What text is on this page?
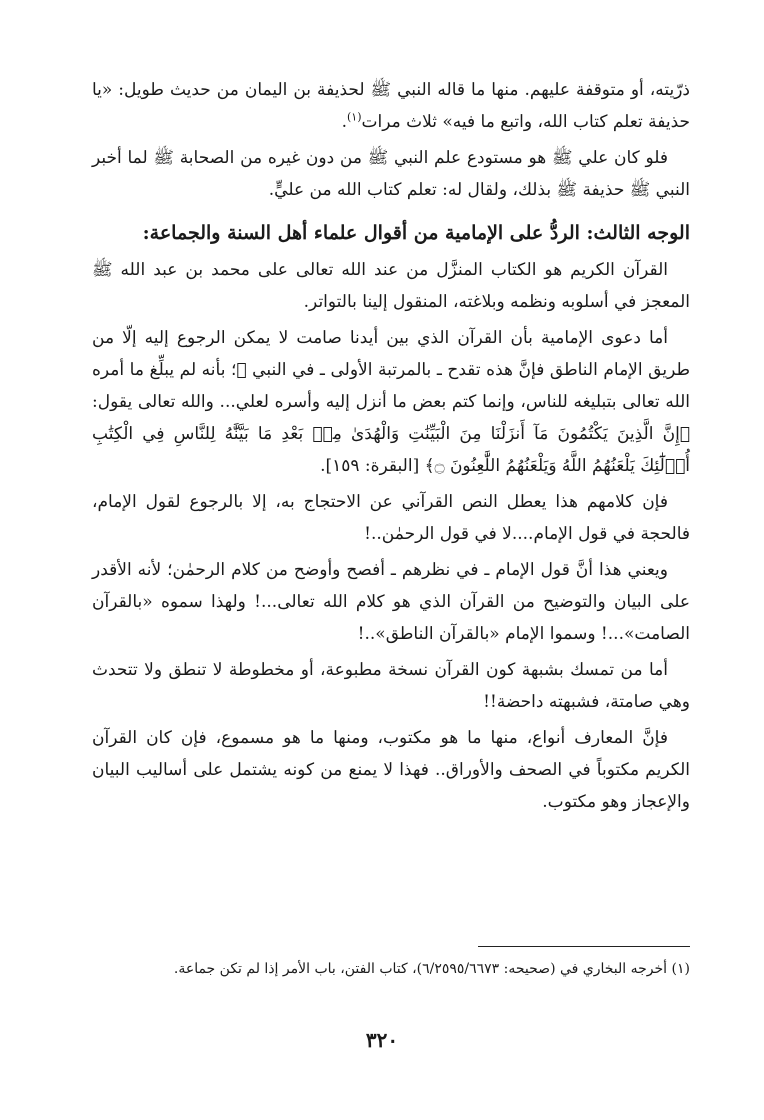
ذرّيته، أو متوقفة عليهم. منها ما قاله النبي ﷺ لحذيفة بن اليمان من حديث طويل: «يا حذيفة تعلم كتاب الله، واتبع ما فيه» ثلاث مرات$^{(١)}$.

فلو كان علي ﷺ هو مستودع علم النبي ﷺ من دون غيره من الصحابة ﷺ لما أخبر النبي ﷺ حذيفة ﷺ بذلك، ولقال له: تعلم كتاب الله من عليٍّ.

الوجه الثالث: الردُّ على الإمامية من أقوال علماء أهل السنة والجماعة:

القرآن الكريم هو الكتاب المنزَّل من عند الله تعالى على محمد بن عبد الله ﷺ المعجز في أسلوبه ونظمه وبلاغته، المنقول إلينا بالتواتر.

أما دعوى الإمامية بأن القرآن الذي بين أيدنا صامت لا يمكن الرجوع إليه إلّا من طريق الإمام الناطق فإنَّ هذه تقدح ـ بالمرتبة الأولى ـ في النبي ﷺ؛ بأنه لم يبلِّغ ما أمره الله تعالى بتبليغه للناس، وإنما كتم بعض ما أنزل إليه وأسره لعلي... والله تعالى يقول: ﴿إِنَّ الَّذِينَ يَكْتُمُونَ مَآ أَنزَلْنَا مِنَ الْبَيِّنَٰتِ وَالْهُدَىٰ مِنۢ بَعْدِ مَا بَيَّنَّٰهُ لِلنَّاسِ فِي الْكِتَٰبِ أُو۟لَٰٓئِكَ يَلْعَنُهُمُ اللَّهُ وَيَلْعَنُهُمُ اللَّٰعِنُونَ ۝﴾ [البقرة: ١٥٩].

فإن كلامهم هذا يعطل النص القرآني عن الاحتجاج به، إلا بالرجوع لقول الإمام، فالحجة في قول الإمام....لا في قول الرحمٰن..!

ويعني هذا أنَّ قول الإمام ـ في نظرهم ـ أفصح وأوضح من كلام الرحمٰن؛ لأنه الأقدر على البيان والتوضيح من القرآن الذي هو كلام الله تعالى...! ولهذا سموه «بالقرآن الصامت»...! وسموا الإمام «بالقرآن الناطق»..!

أما من تمسك بشبهة كون القرآن نسخة مطبوعة، أو مخطوطة لا تنطق ولا تتحدث وهي صامتة، فشبهته داحضة!!

فإنَّ المعارف أنواع، منها ما هو مكتوب، ومنها ما هو مسموع، فإن كان القرآن الكريم مكتوباً في الصحف والأوراق.. فهذا لا يمنع من كونه يشتمل على أساليب البيان والإعجاز وهو مكتوب.

(١) أخرجه البخاري في (صحيحه: ٦/٢٥٩٥/٦٦٧٣)، كتاب الفتن، باب الأمر إذا لم تكن جماعة.

٣٢٠
